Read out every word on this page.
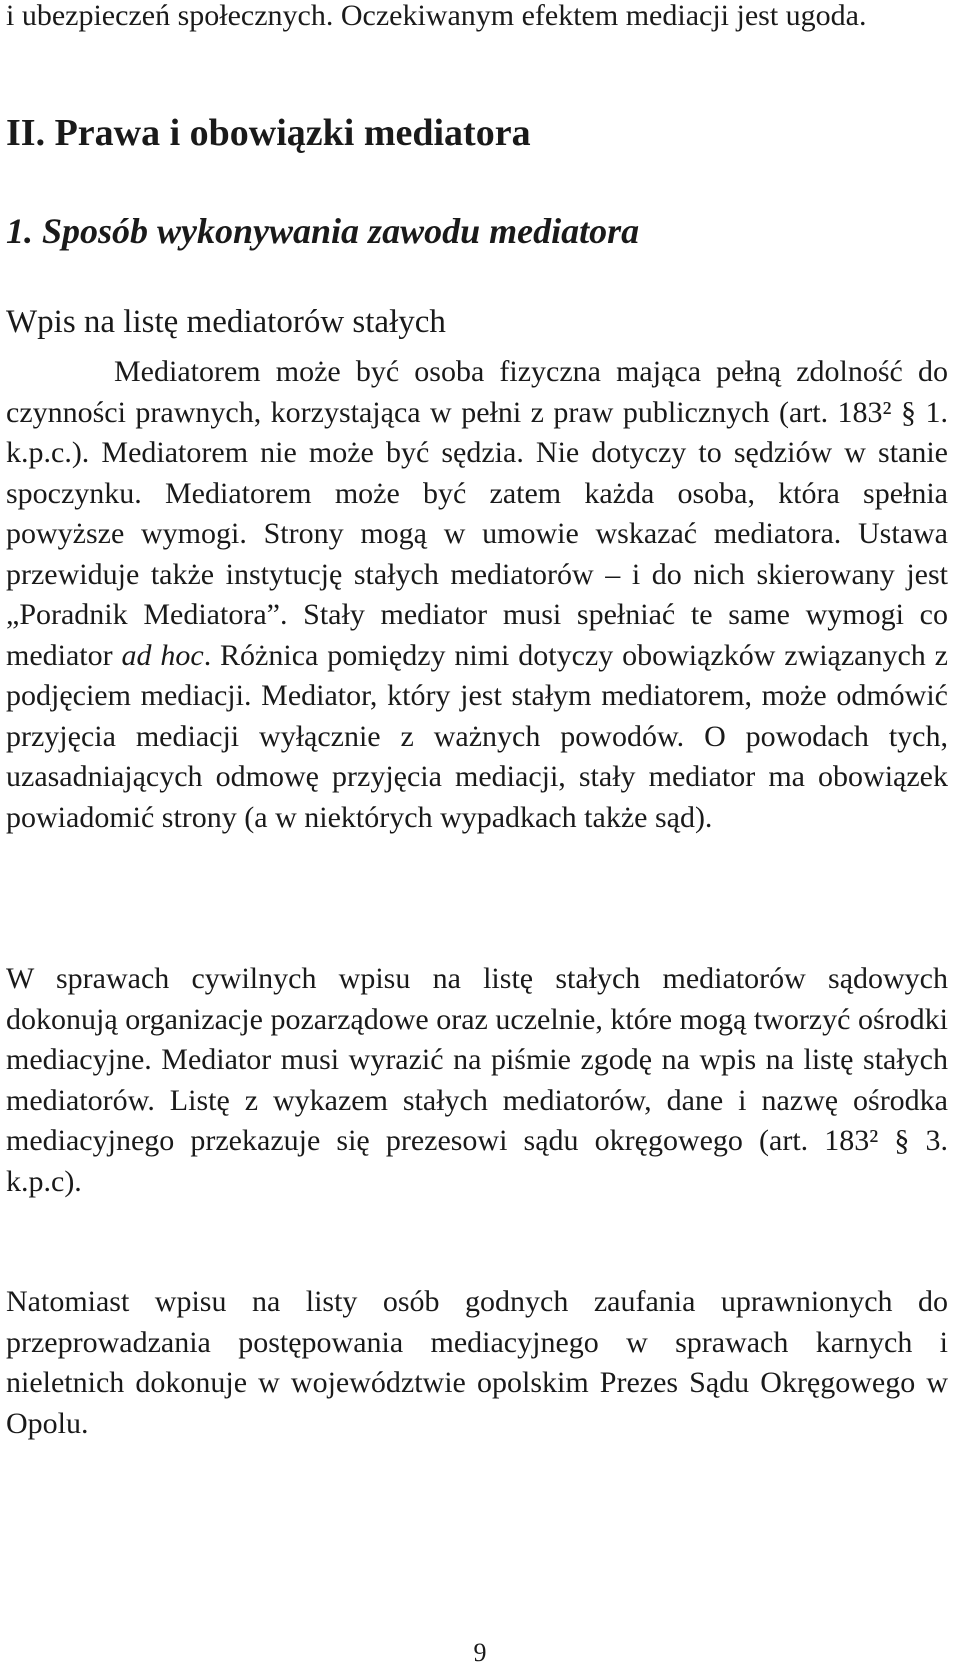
i ubezpieczeń społecznych. Oczekiwanym efektem mediacji jest ugoda.

II. Prawa i obowiązki mediatora
1. Sposób wykonywania zawodu mediatora
Wpis na listę mediatorów stałych

Mediatorem może być osoba fizyczna mająca pełną zdolność do czynności prawnych, korzystająca w pełni z praw publicznych (art. 183² § 1. k.p.c.). Mediatorem nie może być sędzia. Nie dotyczy to sędziów w stanie spoczynku. Mediatorem może być zatem każda osoba, która spełnia powyższe wymogi. Strony mogą w umowie wskazać mediatora. Ustawa przewiduje także instytucję stałych mediatorów – i do nich skierowany jest „Poradnik Mediatora”. Stały mediator musi spełniać te same wymogi co mediator ad hoc. Różnica pomiędzy nimi dotyczy obowiązków związanych z podjęciem mediacji. Mediator, który jest stałym mediatorem, może odmówić przyjęcia mediacji wyłącznie z ważnych powodów. O powodach tych, uzasadniających odmowę przyjęcia mediacji, stały mediator ma obowiązek powiadomić strony (a w niektórych wypadkach także sąd).

W sprawach cywilnych wpisu na listę stałych mediatorów sądowych dokonują organizacje pozarządowe oraz uczelnie, które mogą tworzyć ośrodki mediacyjne. Mediator musi wyrazić na piśmie zgodę na wpis na listę stałych mediatorów. Listę z wykazem stałych mediatorów, dane i nazwę ośrodka mediacyjnego przekazuje się prezesowi sądu okręgowego (art. 183² § 3. k.p.c).

Natomiast wpisu na listy osób godnych zaufania uprawnionych do przeprowadzania postępowania mediacyjnego w sprawach karnych i nieletnich dokonuje w województwie opolskim Prezes Sądu Okręgowego w Opolu.

9
